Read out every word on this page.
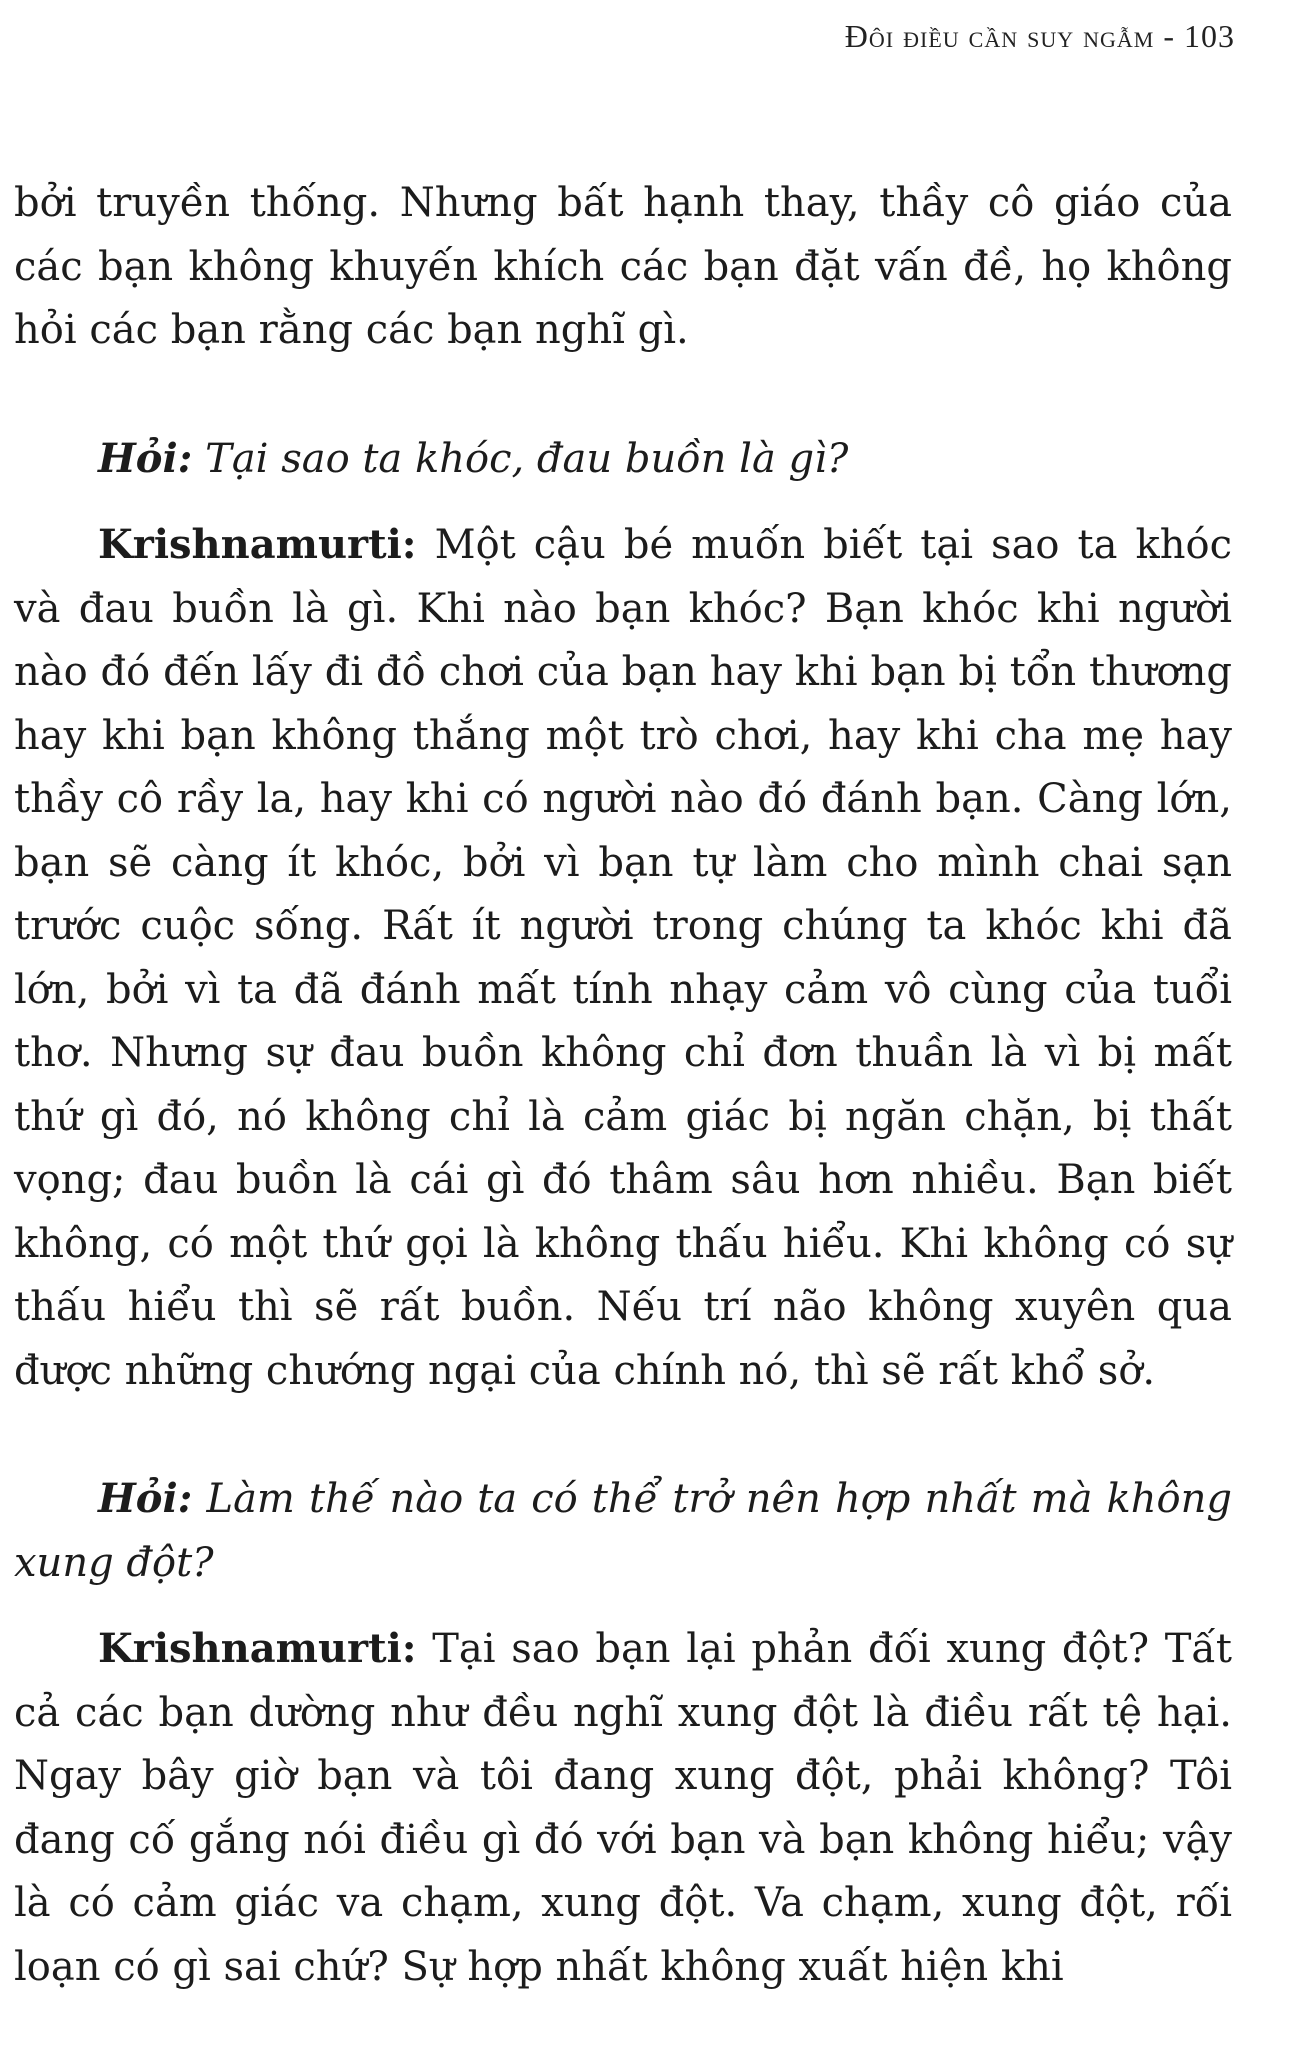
Đôi điều cần suy ngẫm - 103

bởi truyền thống. Nhưng bất hạnh thay, thầy cô giáo của các bạn không khuyến khích các bạn đặt vấn đề, họ không hỏi các bạn rằng các bạn nghĩ gì.

Hỏi: Tại sao ta khóc, đau buồn là gì?

Krishnamurti: Một cậu bé muốn biết tại sao ta khóc và đau buồn là gì. Khi nào bạn khóc? Bạn khóc khi người nào đó đến lấy đi đồ chơi của bạn hay khi bạn bị tổn thương hay khi bạn không thắng một trò chơi, hay khi cha mẹ hay thầy cô rầy la, hay khi có người nào đó đánh bạn. Càng lớn, bạn sẽ càng ít khóc, bởi vì bạn tự làm cho mình chai sạn trước cuộc sống. Rất ít người trong chúng ta khóc khi đã lớn, bởi vì ta đã đánh mất tính nhạy cảm vô cùng của tuổi thơ. Nhưng sự đau buồn không chỉ đơn thuần là vì bị mất thứ gì đó, nó không chỉ là cảm giác bị ngăn chặn, bị thất vọng; đau buồn là cái gì đó thâm sâu hơn nhiều. Bạn biết không, có một thứ gọi là không thấu hiểu. Khi không có sự thấu hiểu thì sẽ rất buồn. Nếu trí não không xuyên qua được những chướng ngại của chính nó, thì sẽ rất khổ sở.

Hỏi: Làm thế nào ta có thể trở nên hợp nhất mà không xung đột?

Krishnamurti: Tại sao bạn lại phản đối xung đột? Tất cả các bạn dường như đều nghĩ xung đột là điều rất tệ hại. Ngay bây giờ bạn và tôi đang xung đột, phải không? Tôi đang cố gắng nói điều gì đó với bạn và bạn không hiểu; vậy là có cảm giác va chạm, xung đột. Va chạm, xung đột, rối loạn có gì sai chứ? Sự hợp nhất không xuất hiện khi
